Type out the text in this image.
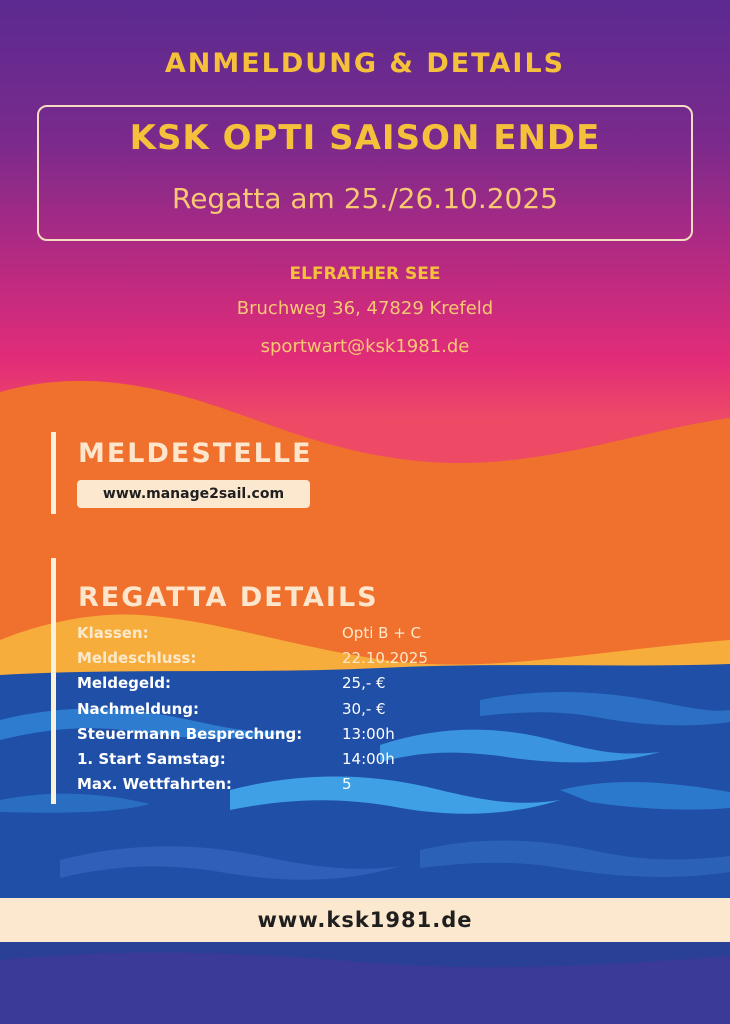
ANMELDUNG & DETAILS
KSK OPTI SAISON ENDE
Regatta am 25./26.10.2025
ELFRATHER SEE
Bruchweg 36, 47829 Krefeld
sportwart@ksk1981.de
MELDESTELLE
www.manage2sail.com
REGATTA DETAILS
Klassen:	Opti B + C
Meldeschluss:	22.10.2025
Meldegeld:	25,- €
Nachmeldung:	30,- €
Steuermann Besprechung:	13:00h
1. Start Samstag:	14:00h
Max. Wettfahrten:	5
www.ksk1981.de
